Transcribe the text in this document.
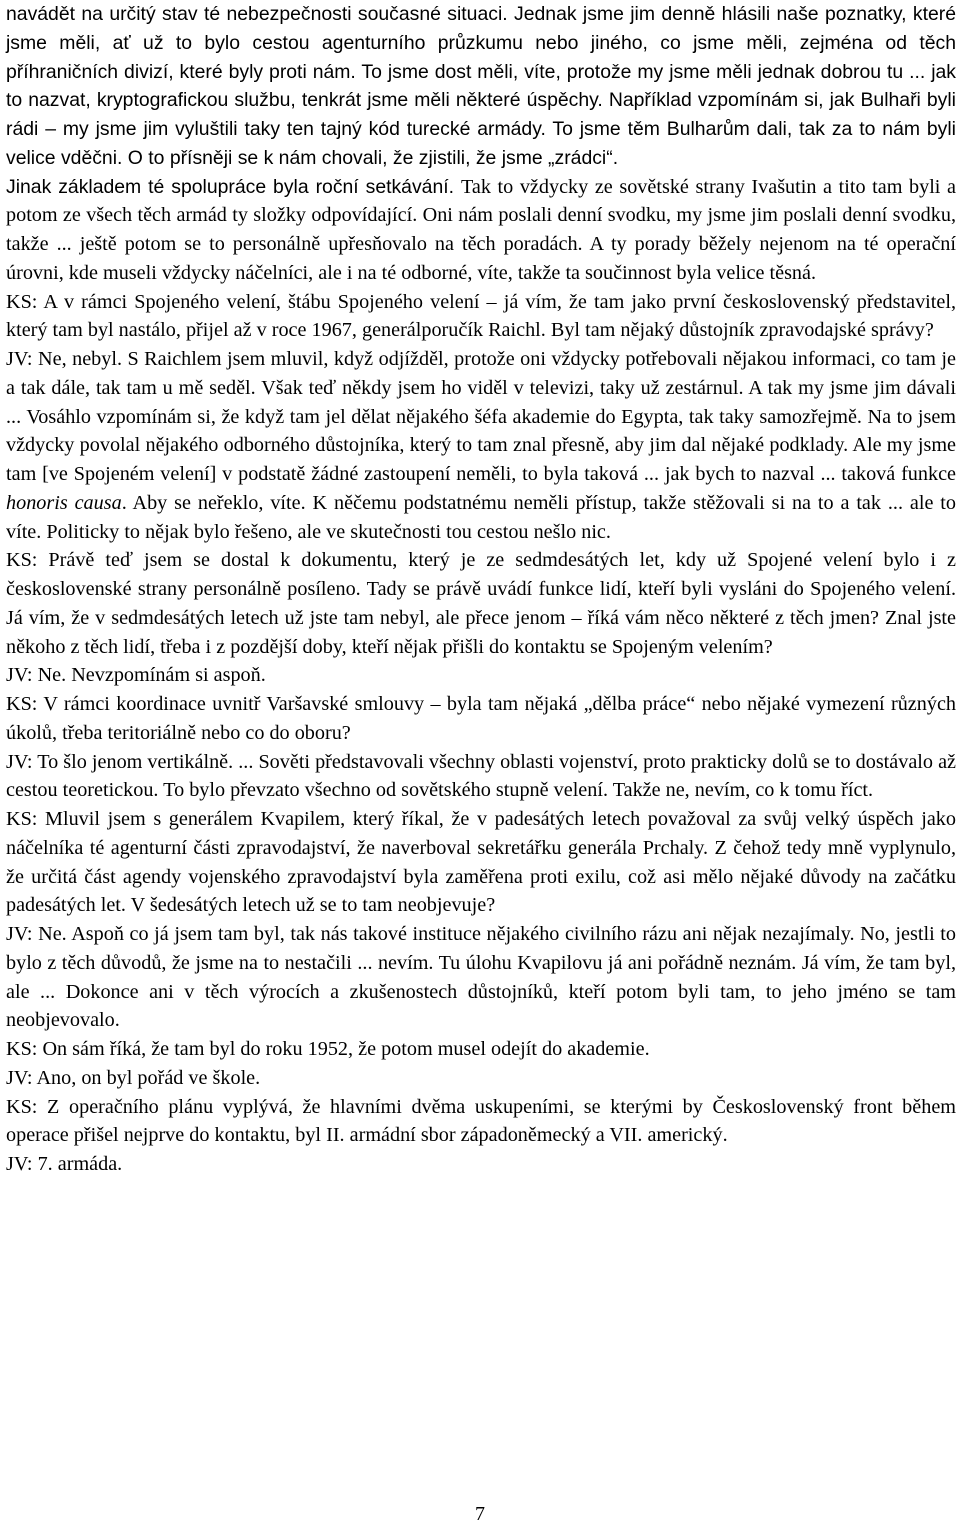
navádět na určitý stav té nebezpečnosti současné situaci. Jednak jsme jim denně hlásili naše poznatky, které jsme měli, ať už to bylo cestou agenturního průzkumu nebo jiného, co jsme měli, zejména od těch příhraničních divizí, které byly proti nám. To jsme dost měli, víte, protože my jsme měli jednak dobrou tu ... jak to nazvat, kryptografickou službu, tenkrát jsme měli některé úspěchy. Například vzpomínám si, jak Bulhaři byli rádi – my jsme jim vyluštili taky ten tajný kód turecké armády. To jsme těm Bulharům dali, tak za to nám byli velice vděčni. O to přísněji se k nám chovali, že zjistili, že jsme „zrádci“.

Jinak základem té spolupráce byla roční setkávání. Tak to vždycky ze sovětské strany Ivašutin a tito tam byli a potom ze všech těch armád ty složky odpovídající. Oni nám poslali denní svodku, my jsme jim poslali denní svodku, takže ... ještě potom se to personálně upřesňovalo na těch poradách. A ty porady běžely nejenom na té operační úrovni, kde museli vždycky náčelníci, ale i na té odborné, víte, takže ta součinnost byla velice těsná.

KS: A v rámci Spojeného velení, štábu Spojeného velení – já vím, že tam jako první československý představitel, který tam byl nastálo, přijel až v roce 1967, generálporučík Raichl. Byl tam nějaký důstojník zpravodajské správy?

JV: Ne, nebyl. S Raichlem jsem mluvil, když odjížděl, protože oni vždycky potřebovali nějakou informaci, co tam je a tak dále, tak tam u mě seděl. Však teď někdy jsem ho viděl v televizi, taky už zestárnul. A tak my jsme jim dávali ... Vosáhlo vzpomínám si, že když tam jel dělat nějakého šéfa akademie do Egypta, tak taky samozřejmě. Na to jsem vždycky povolal nějakého odborného důstojníka, který to tam znal přesně, aby jim dal nějaké podklady. Ale my jsme tam [ve Spojeném velení] v podstatě žádné zastoupení neměli, to byla taková ... jak bych to nazval ... taková funkce honoris causa. Aby se neřeklo, víte. K něčemu podstatnému neměli přístup, takže stěžovali si na to a tak ... ale to víte. Politicky to nějak bylo řešeno, ale ve skutečnosti tou cestou nešlo nic.

KS: Právě teď jsem se dostal k dokumentu, který je ze sedmdesátých let, kdy už Spojené velení bylo i z československé strany personálně posíleno. Tady se právě uvádí funkce lidí, kteří byli vysláni do Spojeného velení. Já vím, že v sedmdesátých letech už jste tam nebyl, ale přece jenom – říká vám něco některé z těch jmen? Znal jste někoho z těch lidí, třeba i z pozdější doby, kteří nějak přišli do kontaktu se Spojeným velením?

JV: Ne. Nevzpomínám si aspoň.

KS: V rámci koordinace uvnitř Varšavské smlouvy – byla tam nějaká „dělba práce“ nebo nějaké vymezení různých úkolů, třeba teritoriálně nebo co do oboru?

JV: To šlo jenom vertikálně. ... Sověti představovali všechny oblasti vojenství, proto prakticky dolů se to dostávalo až cestou teoretickou. To bylo převzato všechno od sovětského stupně velení. Takže ne, nevím, co k tomu říct.

KS: Mluvil jsem s generálem Kvapilem, který říkal, že v padesátých letech považoval za svůj velký úspěch jako náčelníka té agenturní části zpravodajství, že naverboval sekretářku generála Prchaly. Z čehož tedy mně vyplynulo, že určitá část agendy vojenského zpravodajství byla zaměřena proti exilu, což asi mělo nějaké důvody na začátku padesátých let. V šedesátých letech už se to tam neobjevuje?

JV: Ne. Aspoň co já jsem tam byl, tak nás takové instituce nějakého civilního rázu ani nějak nezajímaly. No, jestli to bylo z těch důvodů, že jsme na to nestačili ... nevím. Tu úlohu Kvapilovu já ani pořádně neznám. Já vím, že tam byl, ale ... Dokonce ani v těch výrocích a zkušenostech důstojníků, kteří potom byli tam, to jeho jméno se tam neobjevovalo.

KS: On sám říká, že tam byl do roku 1952, že potom musel odejít do akademie.

JV: Ano, on byl pořád ve škole.

KS: Z operačního plánu vyplývá, že hlavními dvěma uskupeními, se kterými by Československý front během operace přišel nejprve do kontaktu, byl II. armádní sbor západoněmecký a VII. americký.

JV: 7. armáda.

7
